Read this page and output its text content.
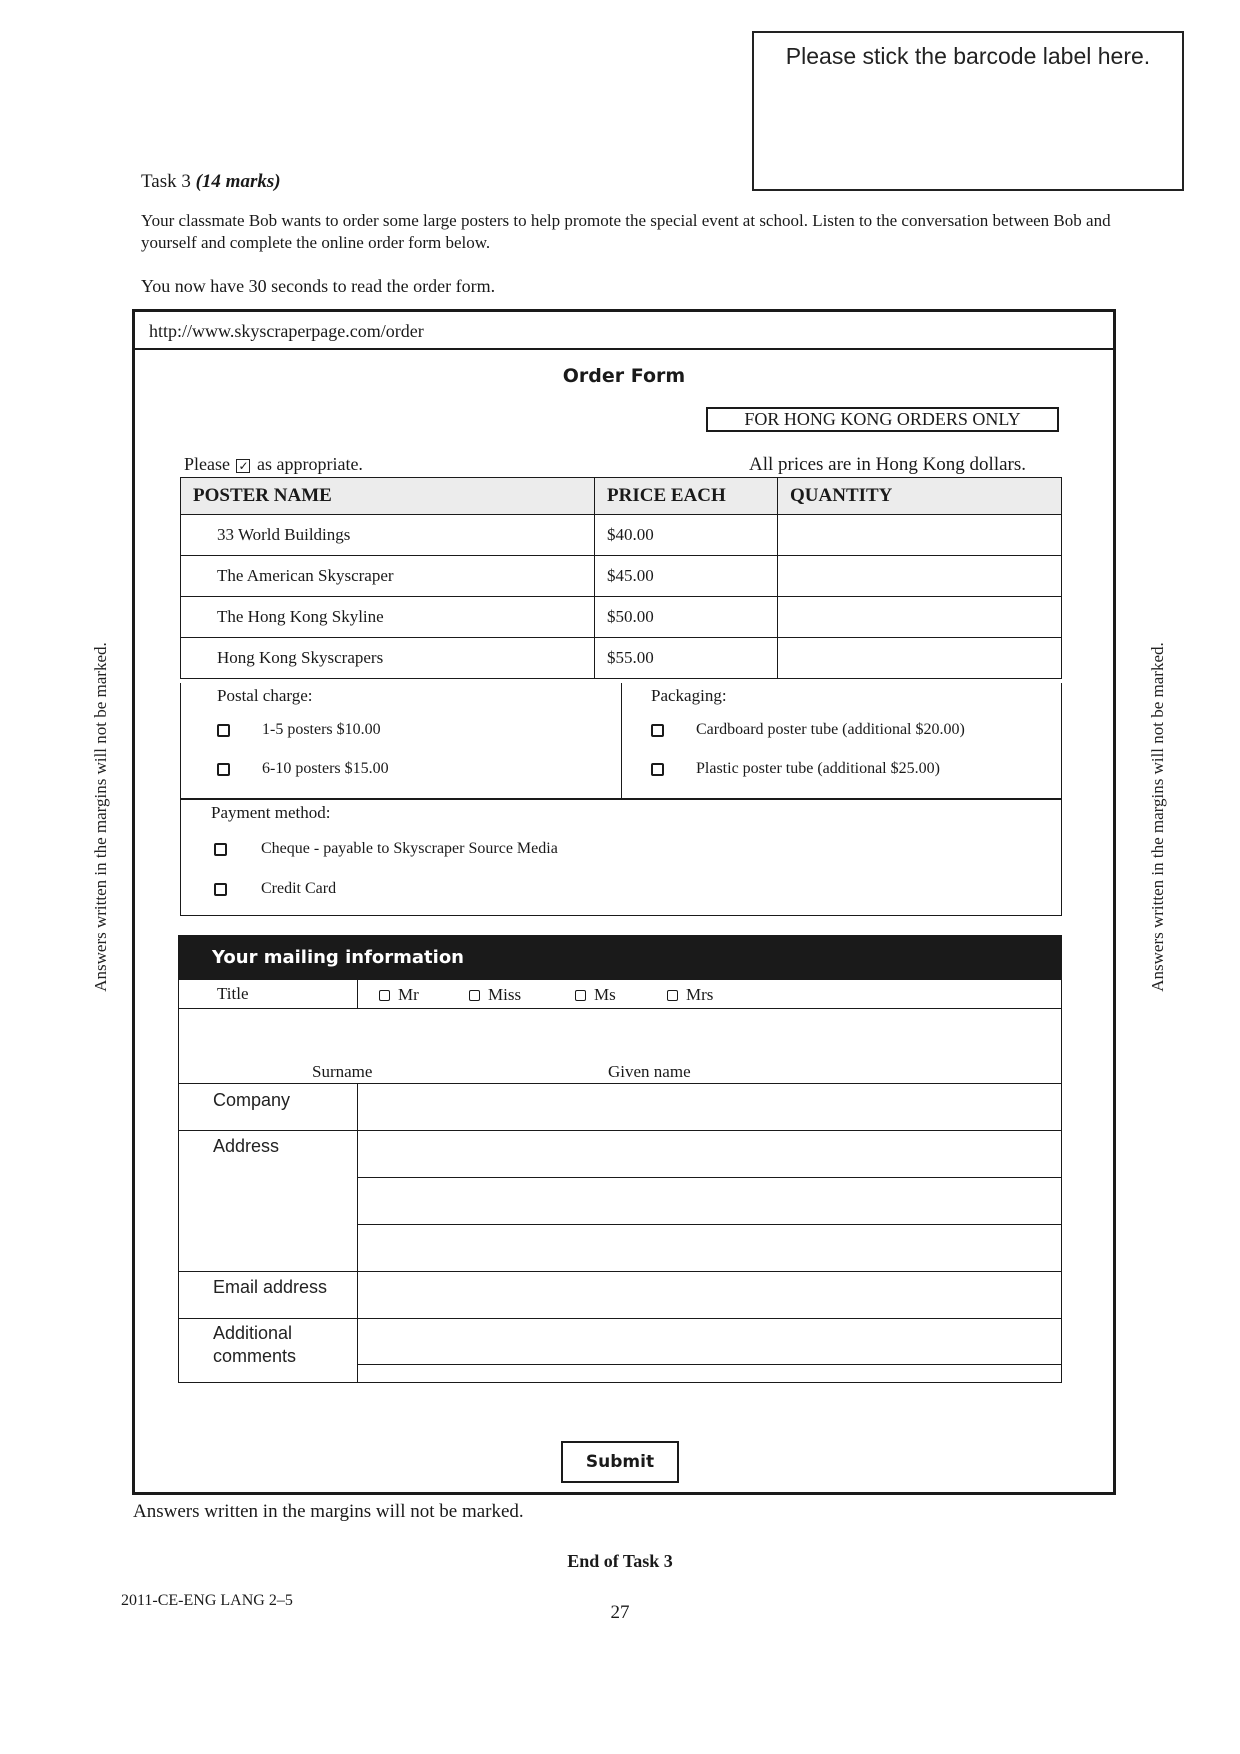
Answers written in the margins will not be marked.	Answers written in the margins will not be marked.
Please stick the barcode label here.
Task 3 (14 marks)
Your classmate Bob wants to order some large posters to help promote the special event at school. Listen to the conversation between Bob and yourself and complete the online order form below.
You now have 30 seconds to read the order form.
http://www.skyscraperpage.com/order
Order Form
FOR HONG KONG ORDERS ONLY
Please ✓ as appropriate.	All prices are in Hong Kong dollars.
POSTER NAME	PRICE EACH	QUANTITY
33 World Buildings	$40.00	
The American Skyscraper	$45.00	
The Hong Kong Skyline	$50.00	
Hong Kong Skyscrapers	$55.00	
Postal charge:
1-5 posters $10.00
6-10 posters $15.00
Packaging:
Cardboard poster tube (additional $20.00)
Plastic poster tube (additional $25.00)
Payment method:
Cheque - payable to Skyscraper Source Media
Credit Card
Your mailing information
Title	Mr	Miss	Ms	Mrs
Surname	Given name
Company
Address
Email address
Additional
comments
Submit
Answers written in the margins will not be marked.
End of Task 3
2011-CE-ENG LANG 2–5
27
